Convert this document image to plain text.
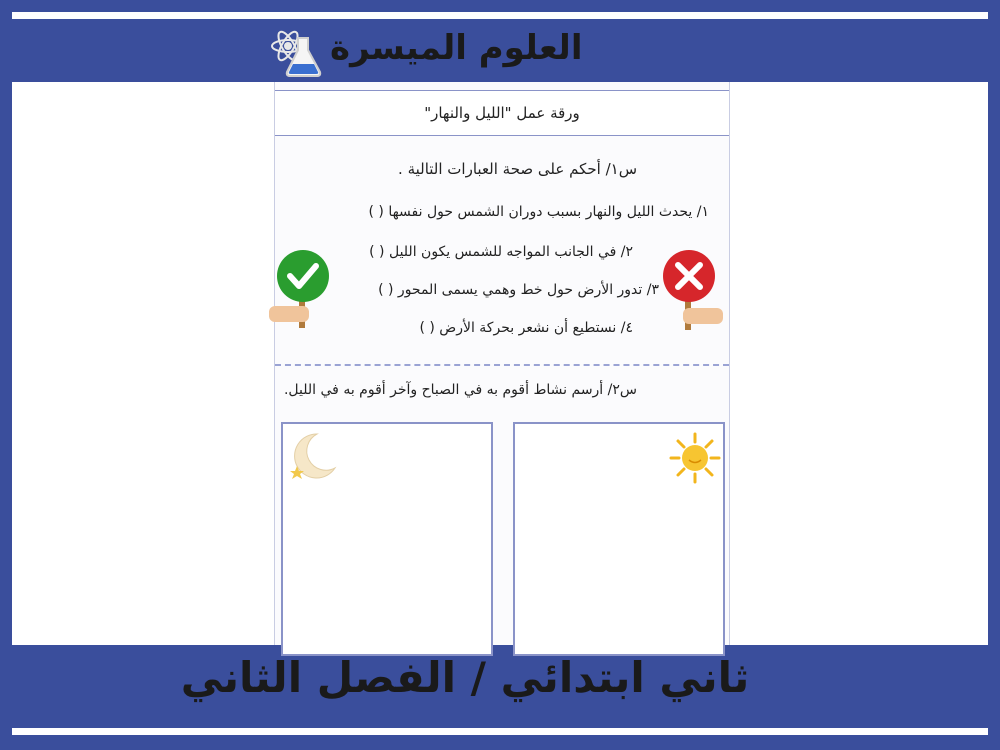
العلوم الميسرة
ورقة عمل "الليل والنهار"
س١/ أحكم على صحة العبارات التالية .
١/ يحدث الليل والنهار بسبب دوران الشمس حول نفسها ( )
٢/ في الجانب المواجه للشمس يكون الليل ( )
٣/ تدور الأرض حول خط وهمي يسمى المحور ( )
٤/ نستطيع أن نشعر بحركة الأرض ( )
س٢/ أرسم نشاط أقوم به في الصباح وآخر أقوم به في الليل.
ثاني ابتدائي / الفصل الثاني
